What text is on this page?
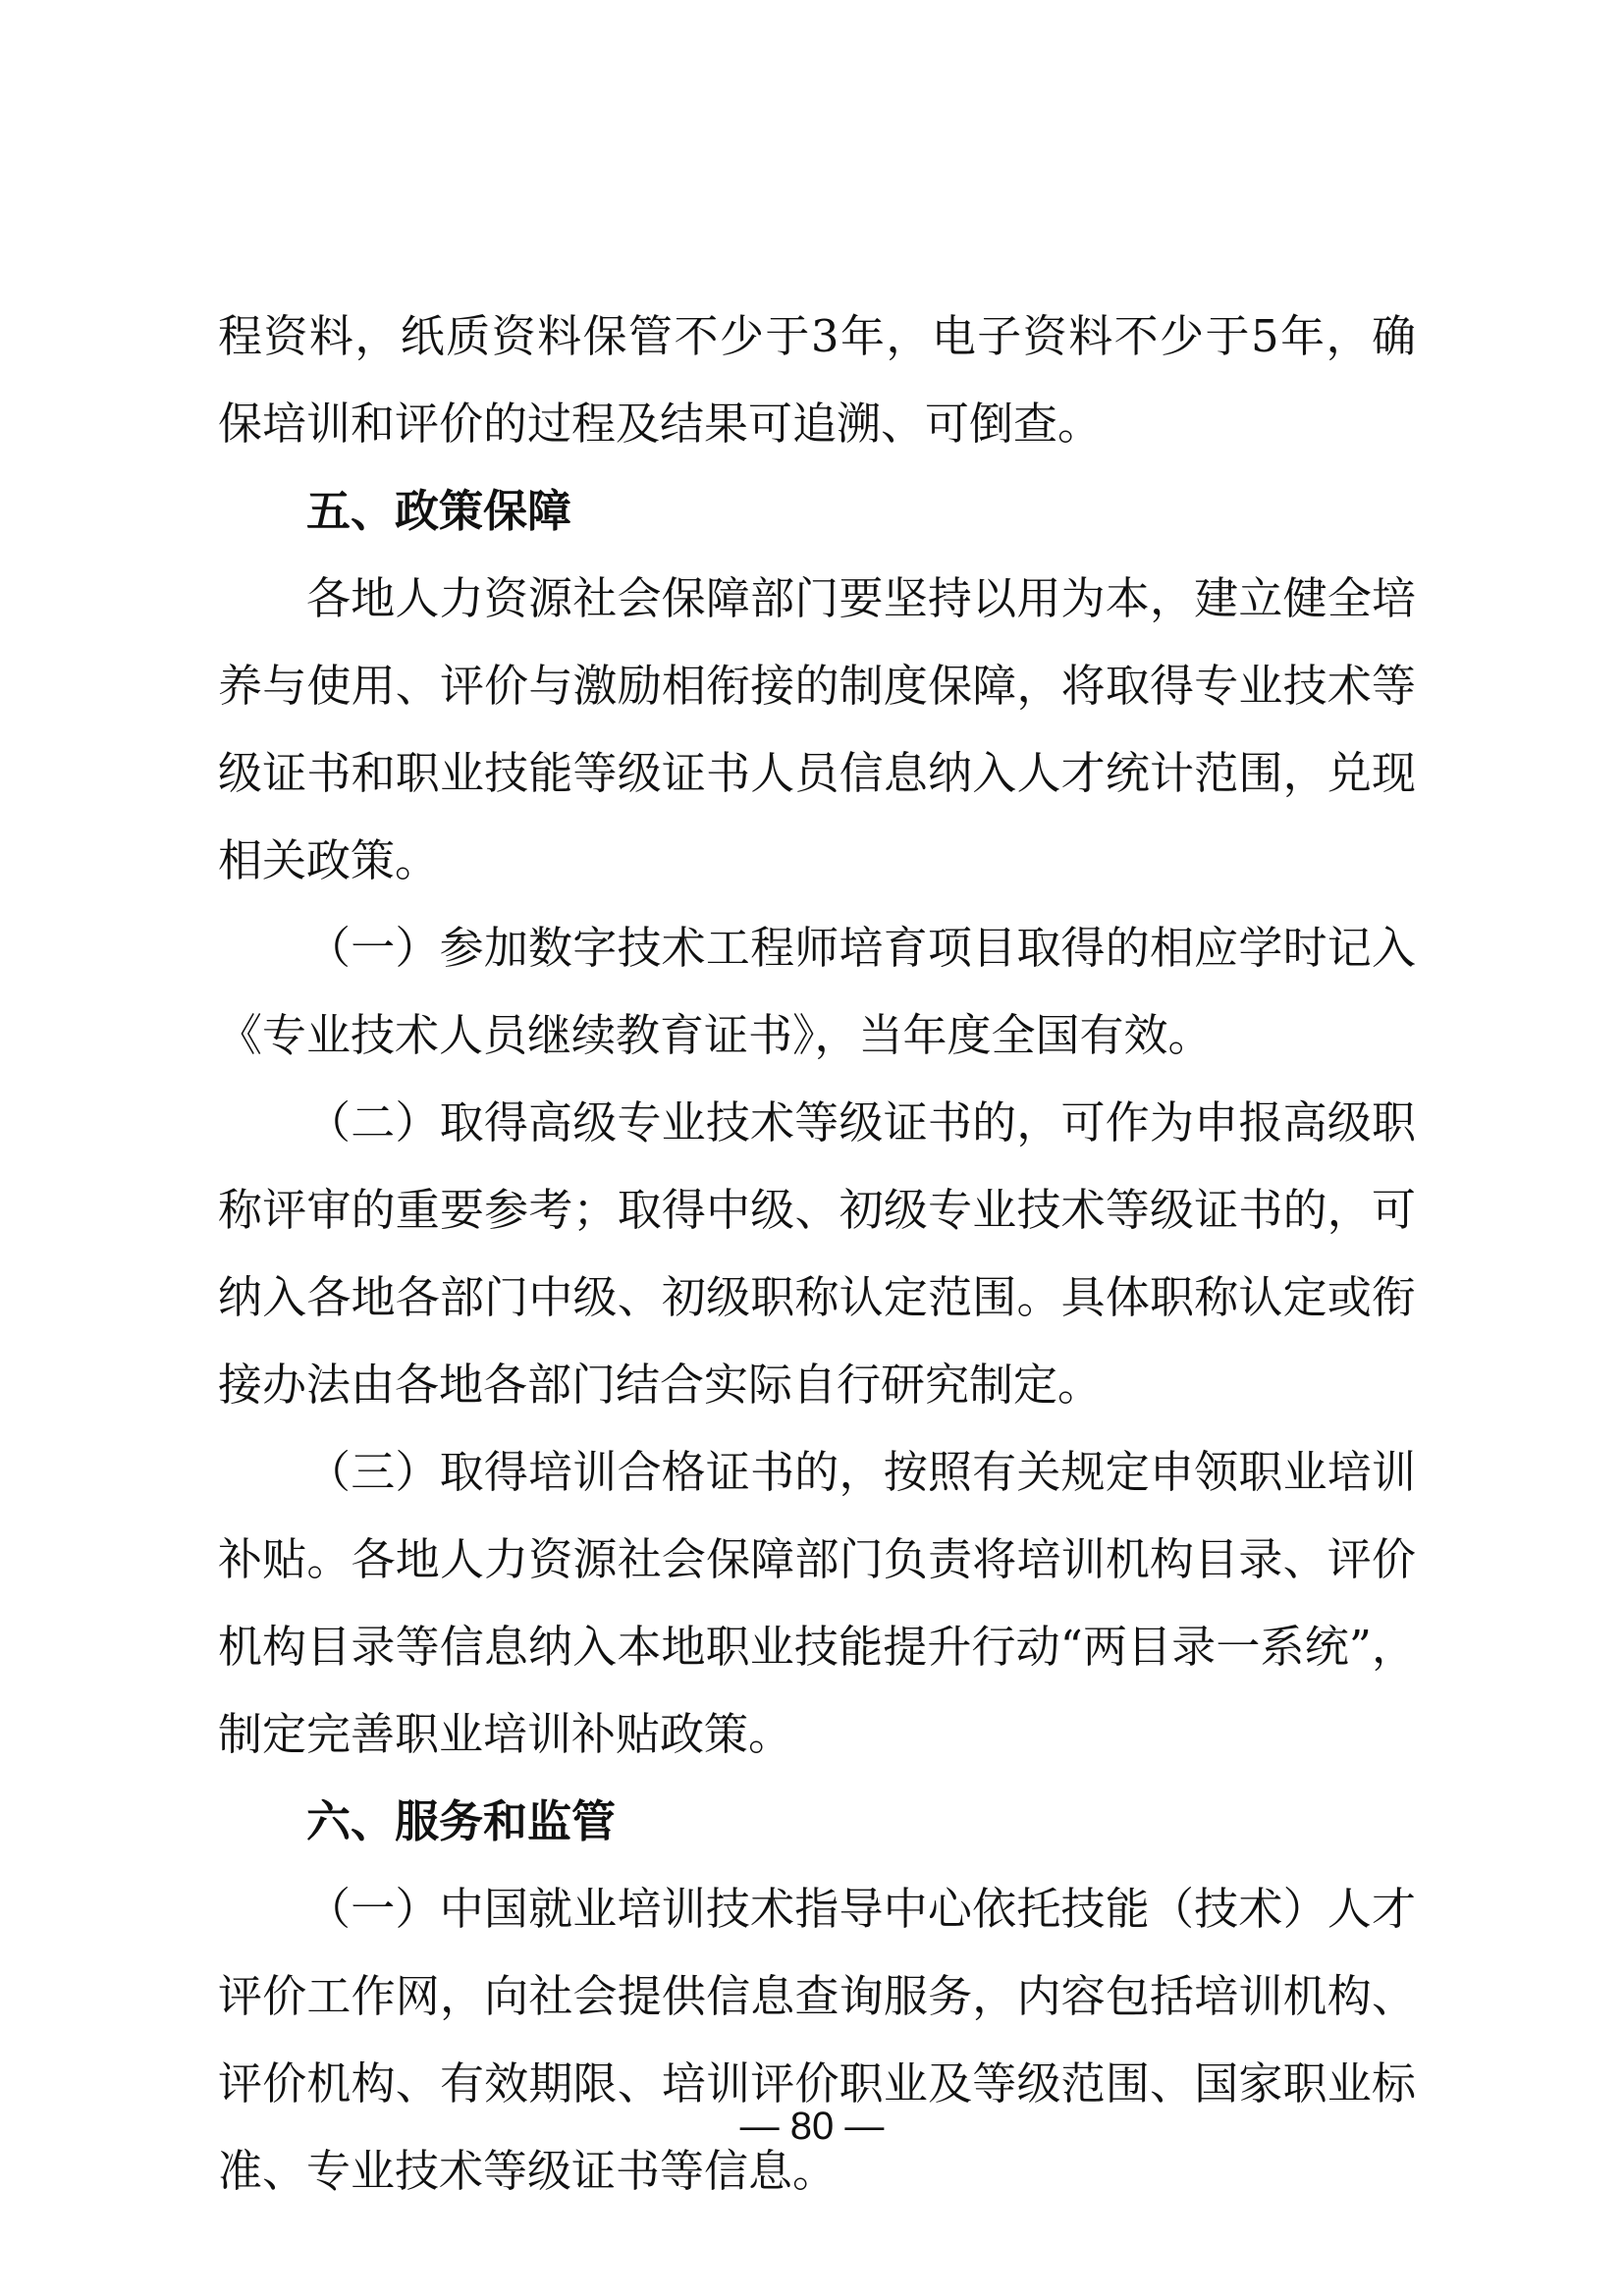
程资料，纸质资料保管不少于3年，电子资料不少于5年，确
保培训和评价的过程及结果可追溯、可倒查。
五、政策保障
各地人力资源社会保障部门要坚持以用为本，建立健全培
养与使用、评价与激励相衔接的制度保障，将取得专业技术等
级证书和职业技能等级证书人员信息纳入人才统计范围，兑现
相关政策。
（一）参加数字技术工程师培育项目取得的相应学时记入
《专业技术人员继续教育证书》，当年度全国有效。
（二）取得高级专业技术等级证书的，可作为申报高级职
称评审的重要参考；取得中级、初级专业技术等级证书的，可
纳入各地各部门中级、初级职称认定范围。具体职称认定或衔
接办法由各地各部门结合实际自行研究制定。
（三）取得培训合格证书的，按照有关规定申领职业培训
补贴。各地人力资源社会保障部门负责将培训机构目录、评价
机构目录等信息纳入本地职业技能提升行动“两目录一系统”，
制定完善职业培训补贴政策。
六、服务和监管
（一）中国就业培训技术指导中心依托技能（技术）人才
评价工作网，向社会提供信息查询服务，内容包括培训机构、
评价机构、有效期限、培训评价职业及等级范围、国家职业标
准、专业技术等级证书等信息。
— 80 —
